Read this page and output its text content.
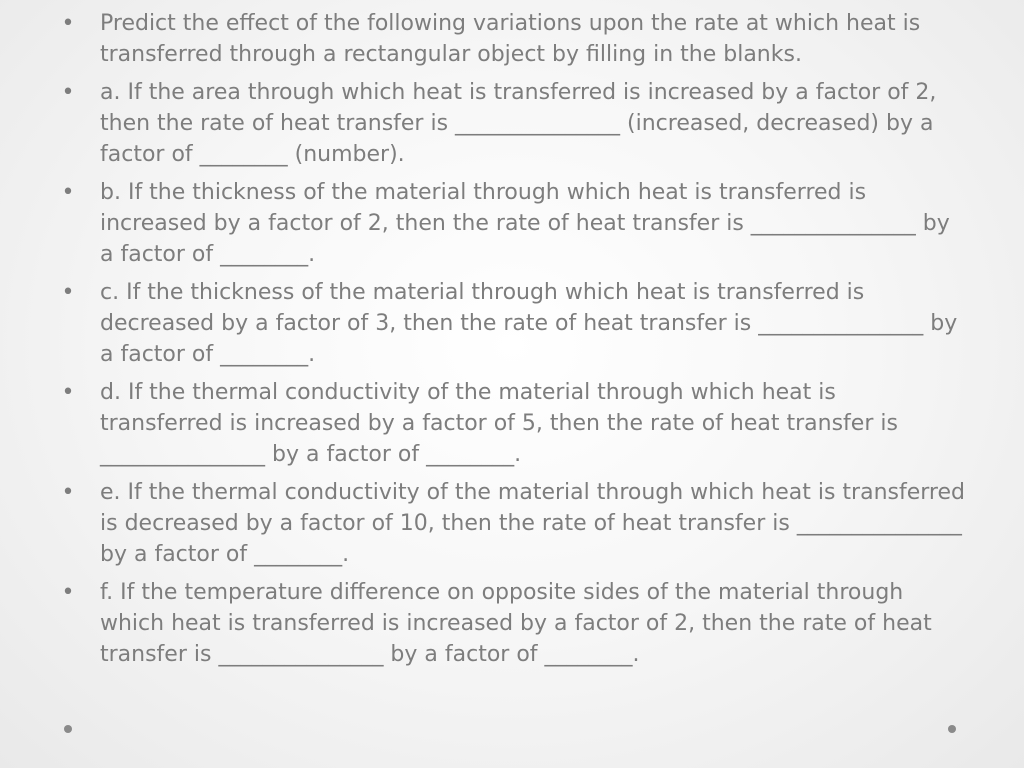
• Predict the effect of the following variations upon the rate at which heat is transferred through a rectangular object by filling in the blanks.
• a. If the area through which heat is transferred is increased by a factor of 2, then the rate of heat transfer is _______________ (increased, decreased) by a factor of ________ (number).
• b. If the thickness of the material through which heat is transferred is increased by a factor of 2, then the rate of heat transfer is _______________ by a factor of ________.
• c. If the thickness of the material through which heat is transferred is decreased by a factor of 3, then the rate of heat transfer is _______________ by a factor of ________.
• d. If the thermal conductivity of the material through which heat is transferred is increased by a factor of 5, then the rate of heat transfer is _______________ by a factor of ________.
• e. If the thermal conductivity of the material through which heat is transferred is decreased by a factor of 10, then the rate of heat transfer is _______________ by a factor of ________.
• f. If the temperature difference on opposite sides of the material through which heat is transferred is increased by a factor of 2, then the rate of heat transfer is _______________ by a factor of ________.
